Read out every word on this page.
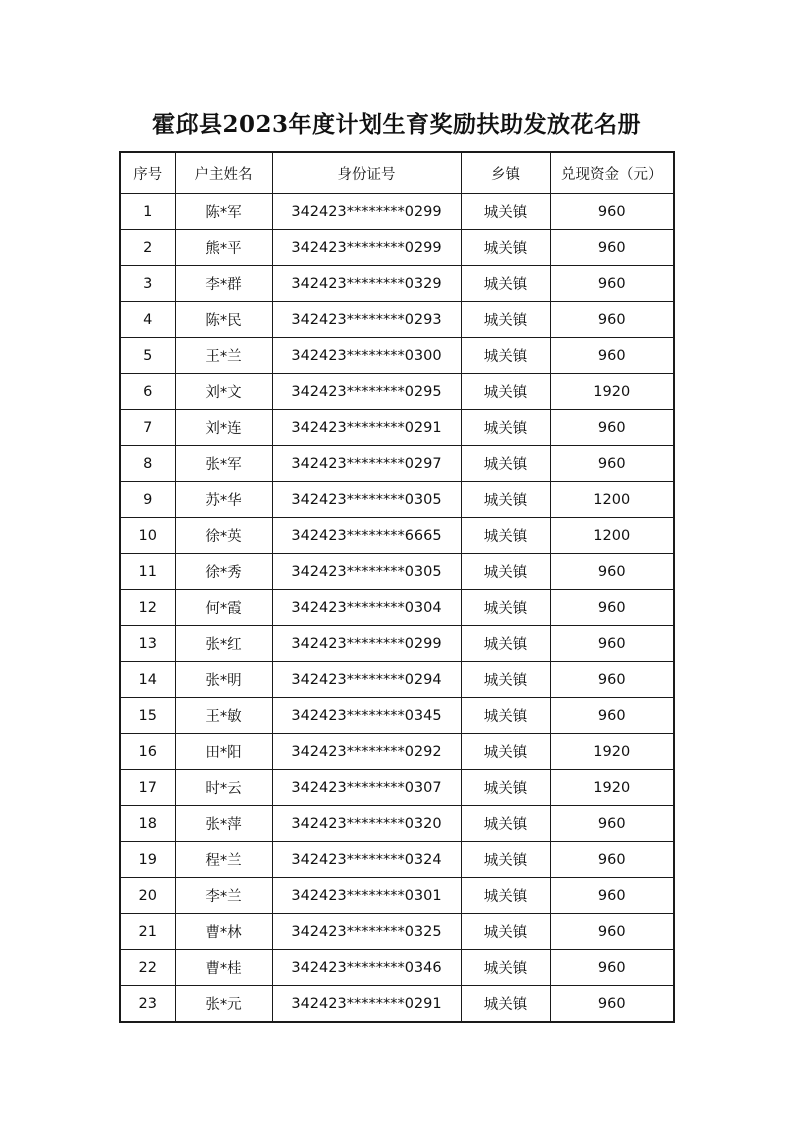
霍邱县2023年度计划生育奖励扶助发放花名册
序号	户主姓名	身份证号	乡镇	兑现资金（元）
1	陈*军	342423********0299	城关镇	960
2	熊*平	342423********0299	城关镇	960
3	李*群	342423********0329	城关镇	960
4	陈*民	342423********0293	城关镇	960
5	王*兰	342423********0300	城关镇	960
6	刘*文	342423********0295	城关镇	1920
7	刘*连	342423********0291	城关镇	960
8	张*军	342423********0297	城关镇	960
9	苏*华	342423********0305	城关镇	1200
10	徐*英	342423********6665	城关镇	1200
11	徐*秀	342423********0305	城关镇	960
12	何*霞	342423********0304	城关镇	960
13	张*红	342423********0299	城关镇	960
14	张*明	342423********0294	城关镇	960
15	王*敏	342423********0345	城关镇	960
16	田*阳	342423********0292	城关镇	1920
17	时*云	342423********0307	城关镇	1920
18	张*萍	342423********0320	城关镇	960
19	程*兰	342423********0324	城关镇	960
20	李*兰	342423********0301	城关镇	960
21	曹*林	342423********0325	城关镇	960
22	曹*桂	342423********0346	城关镇	960
23	张*元	342423********0291	城关镇	960
